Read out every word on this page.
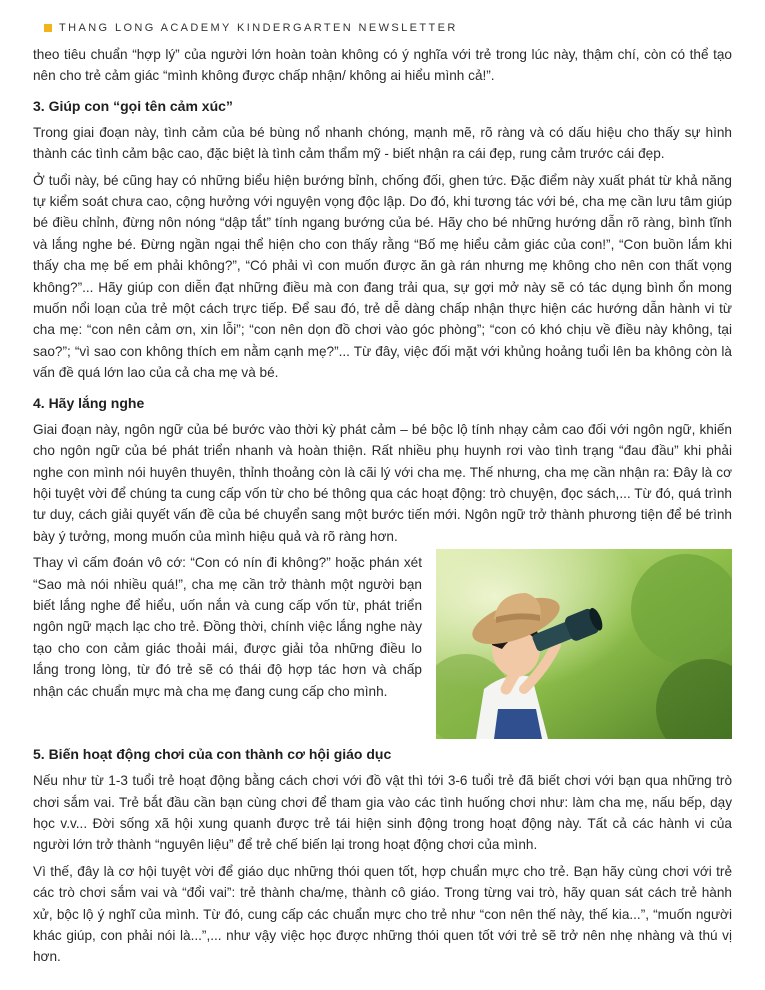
THANG LONG ACADEMY KINDERGARTEN NEWSLETTER

theo tiêu chuẩn “hợp lý” của người lớn hoàn toàn không có ý nghĩa với trẻ trong lúc này, thậm chí, còn có thể tạo nên cho trẻ cảm giác “mình không được chấp nhận/ không ai hiểu mình cả!”.

3. Giúp con “gọi tên cảm xúc”

Trong giai đoạn này, tình cảm của bé bùng nổ nhanh chóng, mạnh mẽ, rõ ràng và có dấu hiệu cho thấy sự hình thành các tình cảm bậc cao, đặc biệt là tình cảm thẩm mỹ - biết nhận ra cái đẹp, rung cảm trước cái đẹp.

Ở tuổi này, bé cũng hay có những biểu hiện bướng bỉnh, chống đối, ghen tức. Đặc điểm này xuất phát từ khả năng tự kiểm soát chưa cao, cộng hưởng với nguyện vọng độc lập. Do đó, khi tương tác với bé, cha mẹ cần lưu tâm giúp bé điều chỉnh, đừng nôn nóng “dập tắt” tính ngang bướng của bé. Hãy cho bé những hướng dẫn rõ ràng, bình tĩnh và lắng nghe bé. Đừng ngần ngại thể hiện cho con thấy rằng “Bố mẹ hiểu cảm giác của con!”, “Con buồn lắm khi thấy cha mẹ bế em phải không?”, “Có phải vì con muốn được ăn gà rán nhưng mẹ không cho nên con thất vọng không?”... Hãy giúp con diễn đạt những điều mà con đang trải qua, sự gợi mở này sẽ có tác dụng bình ổn mong muốn nổi loạn của trẻ một cách trực tiếp. Để sau đó, trẻ dễ dàng chấp nhận thực hiện các hướng dẫn hành vi từ cha mẹ: “con nên cảm ơn, xin lỗi”; “con nên dọn đồ chơi vào góc phòng”; “con có khó chịu về điều này không, tại sao?”; “vì sao con không thích em nằm cạnh mẹ?”... Từ đây, việc đối mặt với khủng hoảng tuổi lên ba không còn là vấn đề quá lớn lao của cả cha mẹ và bé.

4. Hãy lắng nghe

Giai đoạn này, ngôn ngữ của bé bước vào thời kỳ phát cảm – bé bộc lộ tính nhạy cảm cao đối với ngôn ngữ, khiến cho ngôn ngữ của bé phát triển nhanh và hoàn thiện. Rất nhiều phụ huynh rơi vào tình trạng “đau đầu” khi phải nghe con mình nói huyên thuyên, thỉnh thoảng còn là cãi lý với cha mẹ. Thế nhưng, cha mẹ cần nhận ra: Đây là cơ hội tuyệt vời để chúng ta cung cấp vốn từ cho bé thông qua các hoạt động: trò chuyện, đọc sách,... Từ đó, quá trình tư duy, cách giải quyết vấn đề của bé chuyển sang một bước tiến mới. Ngôn ngữ trở thành phương tiện để bé trình bày ý tưởng, mong muốn của mình hiệu quả và rõ ràng hơn.

Thay vì cấm đoán vô cớ: “Con có nín đi không?” hoặc phán xét “Sao mà nói nhiều quá!”, cha mẹ cần trở thành một người bạn biết lắng nghe để hiểu, uốn nắn và cung cấp vốn từ, phát triển ngôn ngữ mạch lạc cho trẻ. Đồng thời, chính việc lắng nghe này tạo cho con cảm giác thoải mái, được giải tỏa những điều lo lắng trong lòng, từ đó trẻ sẽ có thái độ hợp tác hơn và chấp nhận các chuẩn mực mà cha mẹ đang cung cấp cho mình.

5. Biến hoạt động chơi của con thành cơ hội giáo dục

Nếu như từ 1-3 tuổi trẻ hoạt động bằng cách chơi với đồ vật thì tới 3-6 tuổi trẻ đã biết chơi với bạn qua những trò chơi sắm vai. Trẻ bắt đầu cần bạn cùng chơi để tham gia vào các tình huống chơi như: làm cha mẹ, nấu bếp, dạy học v.v... Đời sống xã hội xung quanh được trẻ tái hiện sinh động trong hoạt động này. Tất cả các hành vi của người lớn trở thành “nguyên liệu” để trẻ chế biến lại trong hoạt động chơi của mình.

Vì thế, đây là cơ hội tuyệt vời để giáo dục những thói quen tốt, hợp chuẩn mực cho trẻ. Bạn hãy cùng chơi với trẻ các trò chơi sắm vai và “đổi vai”: trẻ thành cha/mẹ, thành cô giáo. Trong từng vai trò, hãy quan sát cách trẻ hành xử, bộc lộ ý nghĩ của mình. Từ đó, cung cấp các chuẩn mực cho trẻ như “con nên thế này, thế kia...”, “muốn người khác giúp, con phải nói là...”,... như vậy việc học được những thói quen tốt với trẻ sẽ trở nên nhẹ nhàng và thú vị hơn.
